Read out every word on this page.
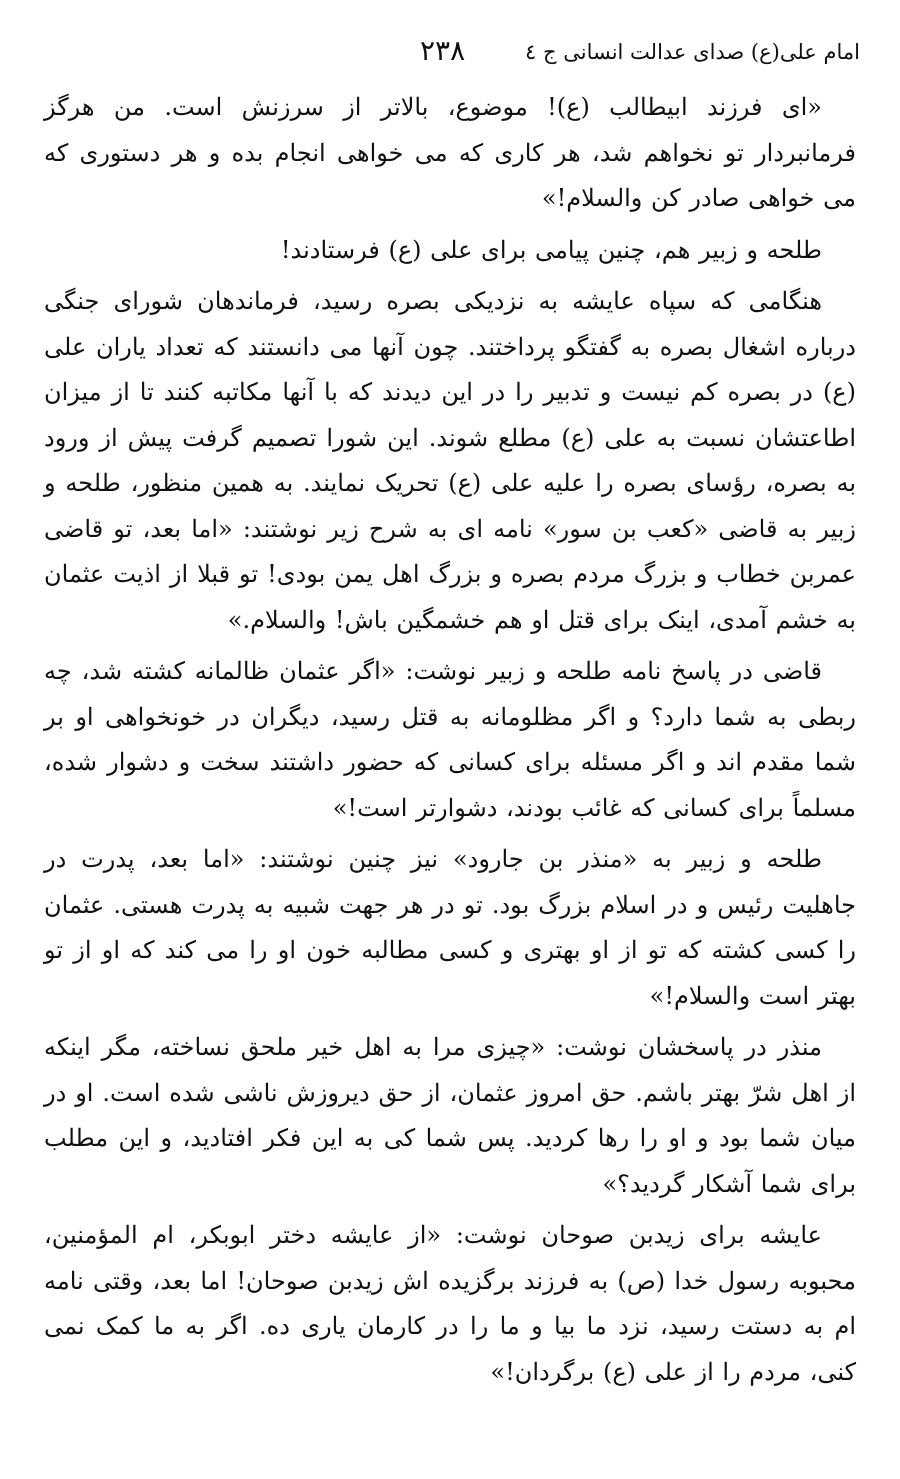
امام علی(ع) صدای عدالت انسانی ج ٤
٢٣٨

«ای فرزند ابیطالب (ع)! موضوع، بالاتر از سرزنش است. من هرگز فرمانبردار تو نخواهم شد، هر کاری که می خواهی انجام بده و هر دستوری که می خواهی صادر کن والسلام!»

طلحه و زبیر هم، چنین پیامی برای علی (ع) فرستادند!

هنگامی که سپاه عایشه به نزدیکی بصره رسید، فرماندهان شورای جنگی درباره اشغال بصره به گفتگو پرداختند. چون آنها می دانستند که تعداد یاران علی (ع) در بصره کم نیست و تدبیر را در این دیدند که با آنها مکاتبه کنند تا از میزان اطاعتشان نسبت به علی (ع) مطلع شوند. این شورا تصمیم گرفت پیش از ورود به بصره، رؤسای بصره را علیه علی (ع) تحریک نمایند. به همین منظور، طلحه و زبیر به قاضی «کعب بن سور» نامه ای به شرح زیر نوشتند: «اما بعد، تو قاضی عمربن خطاب و بزرگ مردم بصره و بزرگ اهل یمن بودی! تو قبلا از اذیت عثمان به خشم آمدی، اینک برای قتل او هم خشمگین باش! والسلام.»

قاضی در پاسخ نامه طلحه و زبیر نوشت: «اگر عثمان ظالمانه کشته شد، چه ربطی به شما دارد؟ و اگر مظلومانه به قتل رسید، دیگران در خونخواهی او بر شما مقدم اند و اگر مسئله برای کسانی که حضور داشتند سخت و دشوار شده، مسلماً برای کسانی که غائب بودند، دشوارتر است!»

طلحه و زبیر به «منذر بن جارود» نیز چنین نوشتند: «اما بعد، پدرت در جاهلیت رئیس و در اسلام بزرگ بود. تو در هر جهت شبیه به پدرت هستی. عثمان را کسی کشته که تو از او بهتری و کسی مطالبه خون او را می کند که او از تو بهتر است والسلام!»

منذر در پاسخشان نوشت: «چیزی مرا به اهل خیر ملحق نساخته، مگر اینکه از اهل شرّ بهتر باشم. حق امروز عثمان، از حق دیروزش ناشی شده است. او در میان شما بود و او را رها کردید. پس شما کی به این فکر افتادید، و این مطلب برای شما آشکار گردید؟»

عایشه برای زیدبن صوحان نوشت: «از عایشه دختر ابوبکر، ام المؤمنین، محبوبه رسول خدا (ص) به فرزند برگزیده اش زیدبن صوحان! اما بعد، وقتی نامه ام به دستت رسید، نزد ما بیا و ما را در کارمان یاری ده. اگر به ما کمک نمی کنی، مردم را از علی (ع) برگردان!»
